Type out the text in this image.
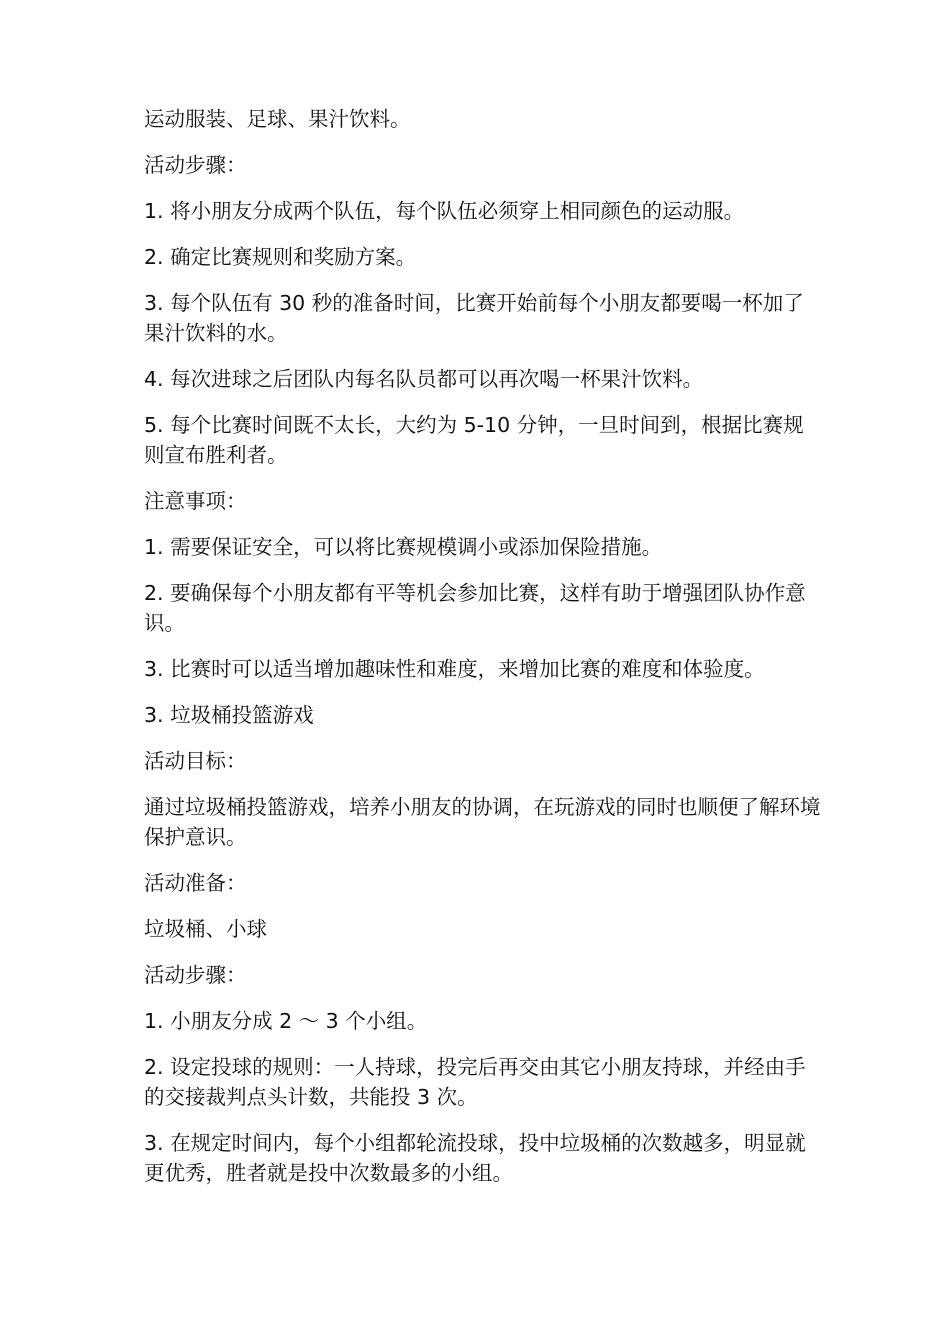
运动服装、足球、果汁饮料。

活动步骤：

1. 将小朋友分成两个队伍，每个队伍必须穿上相同颜色的运动服。

2. 确定比赛规则和奖励方案。

3. 每个队伍有 30 秒的准备时间，比赛开始前每个小朋友都要喝一杯加了果汁饮料的水。

4. 每次进球之后团队内每名队员都可以再次喝一杯果汁饮料。

5. 每个比赛时间既不太长，大约为 5-10 分钟，一旦时间到，根据比赛规则宣布胜利者。

注意事项：

1. 需要保证安全，可以将比赛规模调小或添加保险措施。

2. 要确保每个小朋友都有平等机会参加比赛，这样有助于增强团队协作意识。

3. 比赛时可以适当增加趣味性和难度，来增加比赛的难度和体验度。

3. 垃圾桶投篮游戏

活动目标：

通过垃圾桶投篮游戏，培养小朋友的协调，在玩游戏的同时也顺便了解环境保护意识。

活动准备：

垃圾桶、小球

活动步骤：

1. 小朋友分成 2 ～ 3 个小组。

2. 设定投球的规则：一人持球，投完后再交由其它小朋友持球，并经由手的交接裁判点头计数，共能投 3 次。

3. 在规定时间内，每个小组都轮流投球，投中垃圾桶的次数越多，明显就更优秀，胜者就是投中次数最多的小组。
